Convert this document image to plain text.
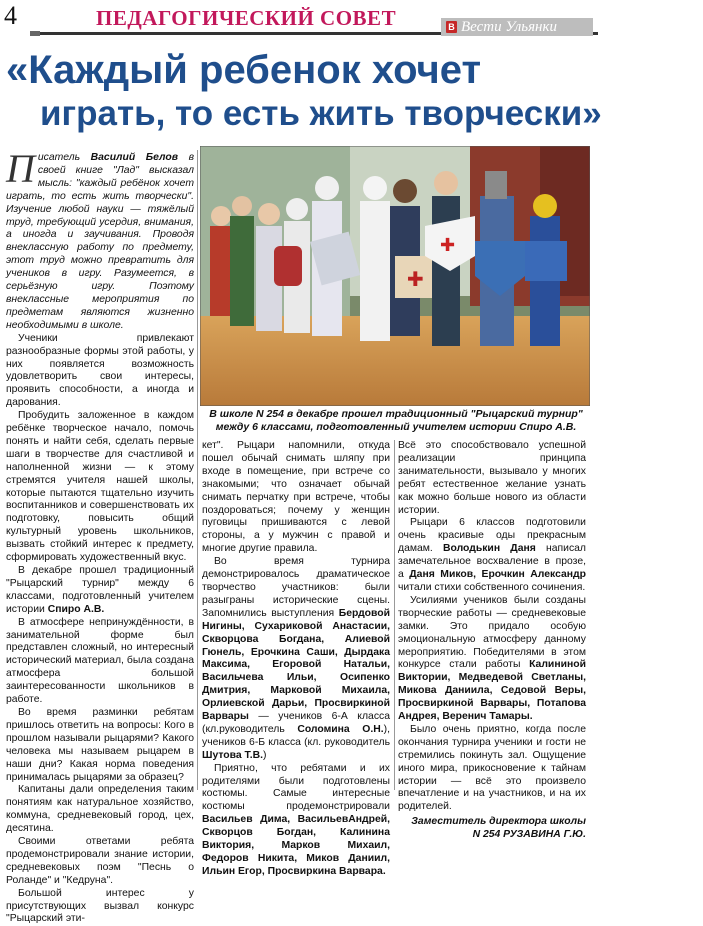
4	ПЕДАГОГИЧЕСКИЙ СОВЕТ	В Вести Ульянки
«Каждый ребенок хочет
играть, то есть жить творчески»
✚
✚
В школе N 254 в декабре прошел традиционный "Рыцарский турнир"
между 6 классами, подготовленный учителем истории Спиро А.В.

Писатель Василий Белов в своей книге "Лад" высказал мысль: "каждый ребёнок хочет играть, то есть жить творчески". Изучение любой науки — тяжёлый труд, требующий усердия, внимания, а иногда и заучивания. Проводя внеклассную работу по предмету, этот труд можно превратить для учеников в игру. Разумеется, в серьёзную игру. Поэтому внеклассные мероприятия по предметам являются жизненно необходимыми в школе.

Ученики привлекают разнообразные формы этой работы, у них появляется возможность удовлетворить свои интересы, проявить способности, а иногда и дарования.

Пробудить заложенное в каждом ребёнке творческое начало, помочь понять и найти себя, сделать первые шаги в творчестве для счастливой и наполненной жизни — к этому стремятся учителя нашей школы, которые пытаются тщательно изучить воспитанников и совершенствовать их подготовку, повысить общий культурный уровень школьников, вызвать стойкий интерес к предмету, сформировать художественный вкус.

В декабре прошел традиционный "Рыцарский турнир" между 6 классами, подготовленный учителем истории Спиро А.В.

В атмосфере непринуждённости, в занимательной форме был представлен сложный, но интересный исторический материал, была создана атмосфера большой заинтересованности школьников в работе.

Во время разминки ребятам пришлось ответить на вопросы: Кого в прошлом называли рыцарями? Какого человека мы называем рыцарем в наши дни? Какая норма поведения принималась рыцарями за образец?

Капитаны дали определения таким понятиям как натуральное хозяйство, коммуна, средневековый город, цех, десятина.

Своими ответами ребята продемонстрировали знание истории, средневековых поэм "Песнь о Роланде" и "Кедруна".

Большой интерес у присутствующих вызвал конкурс "Рыцарский эти-

кет". Рыцари напомнили, откуда пошел обычай снимать шляпу при входе в помещение, при встрече со знакомыми; что означает обычай снимать перчатку при встрече, чтобы поздороваться; почему у женщин пуговицы пришиваются с левой стороны, а у мужчин с правой и многие другие правила.

Во время турнира демонстрировалось драматическое творчество участников: были разыграны исторические сцены. Запомнились выступления Бердовой Нигины, Сухариковой Анастасии, Скворцова Богдана, Алиевой Гюнель, Ерочкина Саши, Дырдака Максима, Егоровой Натальи, Васильчева Ильи, Осипенко Дмитрия, Марковой Михаила, Орлиевской Дарьи, Просвиркиной Варвары — учеников 6-А класса (кл.руководитель Соломина О.Н.), учеников 6-Б класса (кл. руководитель Шутова Т.В.)

Приятно, что ребятами и их родителями были подготовлены костюмы. Самые интересные костюмы продемонстрировали Васильев Дима, ВасильевАндрей, Скворцов Богдан, Калинина Виктория, Марков Михаил, Федоров Никита, Миков Даниил, Ильин Егор, Просвиркина Варвара.

Всё это способствовало успешной реализации принципа занимательности, вызывало у многих ребят естественное желание узнать как можно больше нового из области истории.

Рыцари 6 классов подготовили очень красивые оды прекрасным дамам. Володькин Даня написал замечательное восхваление в прозе, а Даня Миков, Ерочкин Александр читали стихи собственного сочинения.

Усилиями учеников были созданы творческие работы — средневековые замки. Это придало особую эмоциональную атмосферу данному мероприятию. Победителями в этом конкурсе стали работы Калининой Виктории, Медведевой Светланы, Микова Даниила, Седовой Веры, Просвиркиной Варвары, Потапова Андрея, Веренич Тамары.

Было очень приятно, когда после окончания турнира ученики и гости не стремились покинуть зал. Ощущение иного мира, прикосновение к тайнам истории — всё это произвело впечатление и на участников, и на их родителей.

Заместитель директора школы
N 254 РУЗАВИНА Г.Ю.
